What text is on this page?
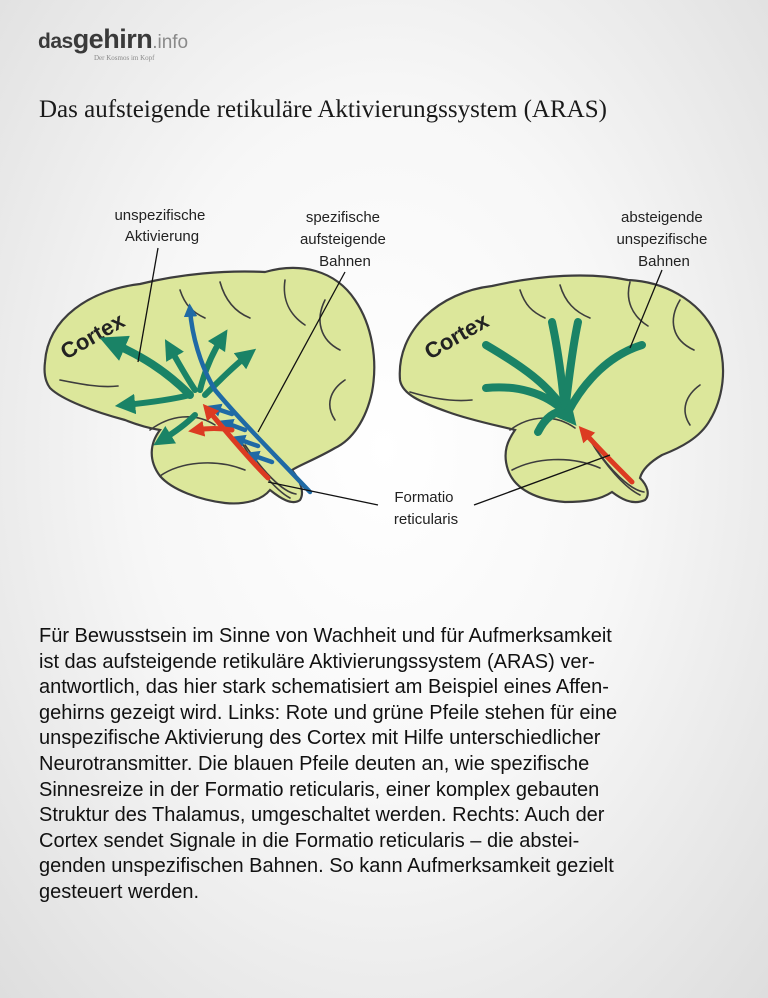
dasgehirn.info
Der Kosmos im Kopf
Das aufsteigende retikuläre Aktivierungssystem (ARAS)
Cortex
unspezifische Aktivierung
spezifische aufsteigende Bahnen
Cortex
absteigende unspezifische Bahnen
Formatio reticularis

Für Bewusstsein im Sinne von Wachheit und für Aufmerksamkeit
ist das aufsteigende retikuläre Aktivierungssystem (ARAS) ver-
antwortlich, das hier stark schematisiert am Beispiel eines Affen-
gehirns gezeigt wird. Links: Rote und grüne Pfeile stehen für eine
unspezifische Aktivierung des Cortex mit Hilfe unterschiedlicher
Neurotransmitter. Die blauen Pfeile deuten an, wie spezifische
Sinnesreize in der Formatio reticularis, einer komplex gebauten
Struktur des Thalamus, umgeschaltet werden. Rechts: Auch der
Cortex sendet Signale in die Formatio reticularis – die abstei-
genden unspezifischen Bahnen. So kann Aufmerksamkeit gezielt
gesteuert werden.
